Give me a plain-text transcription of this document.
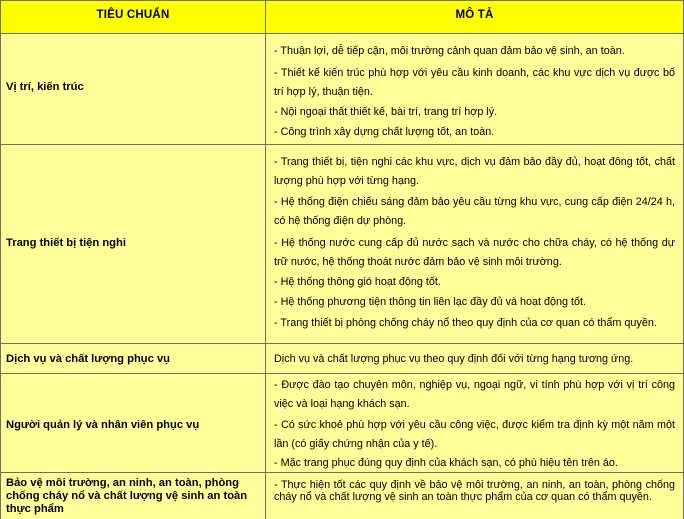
TIÊU CHUẨN	MÔ TẢ
Vị trí, kiến trúc
- Thuận lợi, dễ tiếp cận, môi trường cảnh quan đảm bảo vệ sinh, an toàn.
- Thiết kế kiến trúc phù hợp với yêu cầu kinh doanh, các khu vực dịch vụ được bố trí hợp lý, thuận tiện.
- Nội ngoại thất thiết kế, bài trí, trang trí hợp lý.
- Công trình xây dựng chất lượng tốt, an toàn.
Trang thiết bị tiện nghi
- Trang thiết bị, tiện nghi các khu vực, dịch vụ đảm bảo đầy đủ, hoạt đông tốt, chất lượng phù hợp với từng hạng.
- Hệ thống điện chiếu sáng đảm bảo yêu cầu từng khu vực, cung cấp điện 24/24 h, có hệ thống điện dự phòng.
- Hệ thống nước cung cấp đủ nước sạch và nước cho chữa cháy, có hệ thống dự trữ nước, hệ thống thoát nước đảm bảo vệ sinh môi trường.
- Hệ thống thông gió hoạt động tốt.
- Hệ thống phương tiện thông tin liên lạc đầy đủ và hoạt động tốt.
- Trang thiết bị phòng chống cháy nổ theo quy định của cơ quan có thẩm quyền.
Dịch vụ và chất lượng phục vụ	Dịch vụ và chất lượng phục vụ theo quy định đối với từng hạng tương ứng.
Người quản lý và nhân viên phục vụ
- Được đào tạo chuyên môn, nghiệp vụ, ngoại ngữ, vi tính phù hợp với vị trí công việc và loại hạng khách sạn.
- Có sức khoẻ phù hợp với yêu cầu công việc, được kiểm tra định kỳ một năm một lần (có giấy chứng nhận của y tế).
- Mặc trang phục đúng quy định của khách sạn, có phù hiệu tên trên áo.
Bảo vệ môi trường, an ninh, an toàn, phòng chống cháy nổ và chất lượng vệ sinh an toàn thực phẩm
- Thực hiện tốt các quy định về bảo vệ môi trường, an ninh, an toàn, phòng chống cháy nổ và chất lượng vệ sinh an toàn thực phẩm của cơ quan có thẩm quyền.
